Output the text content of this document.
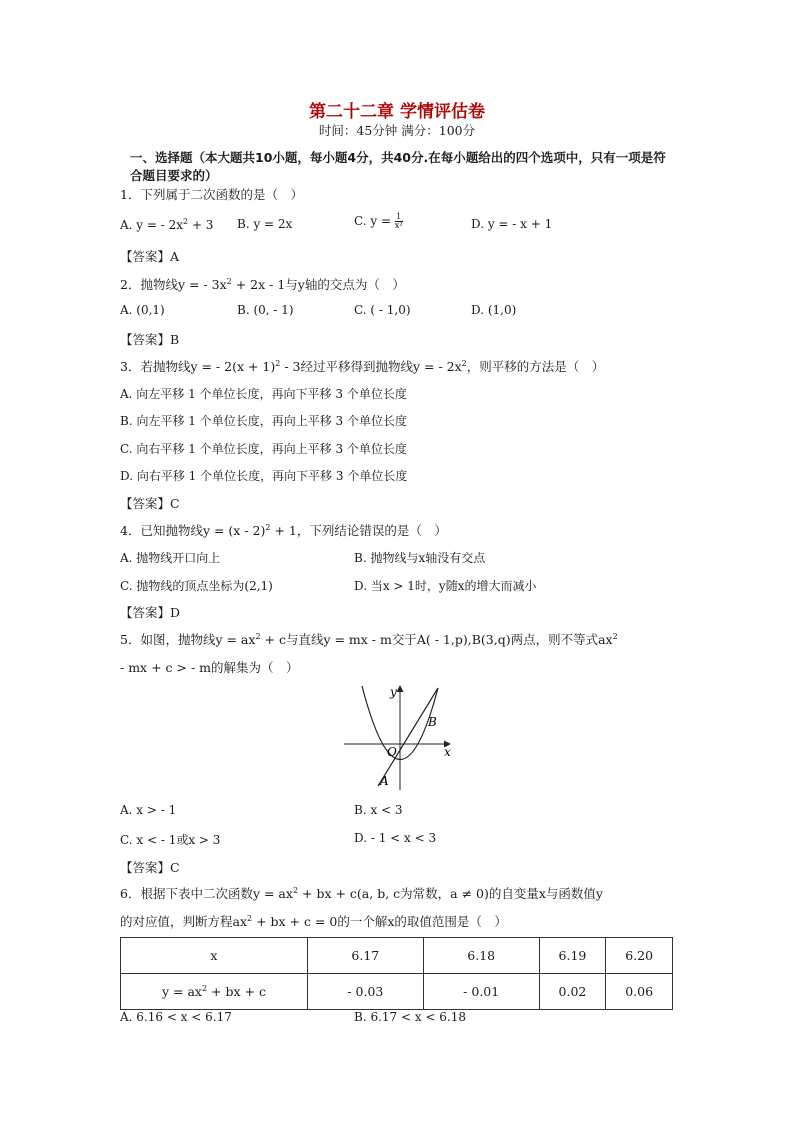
第二十二章 学情评估卷
时间：45分钟 满分：100分
一、选择题（本大题共10小题，每小题4分，共40分.在每小题给出的四个选项中，只有一项是符合题目要求的）
1．下列属于二次函数的是（　）
A. y = - $2x^2 + 3$ B. y = 2x	C. $y = \frac{1}{\text{x²}}$	D. y = - x + 1
【答案】A
2．抛物线y = - $3x^2 + 2x - 1$与y轴的交点为（　）
A. (0,1)	B. (0, - 1)	C. ( - 1,0)	D. (1,0)
【答案】B
3．若抛物线y = - $2(x + 1)^2 - 3$经过平移得到抛物线y = - $2x^2$，则平移的方法是（　）
A. 向左平移 1 个单位长度，再向下平移 3 个单位长度
B. 向左平移 1 个单位长度，再向上平移 3 个单位长度
C. 向右平移 1 个单位长度，再向上平移 3 个单位长度
D. 向右平移 1 个单位长度，再向下平移 3 个单位长度
【答案】C
4．已知抛物线y = (x - 2)$^2$ + 1，下列结论错误的是（　）
A. 抛物线开口向上	B. 抛物线与x轴没有交点
C. 抛物线的顶点坐标为(2,1)	D. 当x > 1时，y随x的增大而减小
【答案】D
5．如图，抛物线$y = ax^2 + c$与直线y = mx - m交于A( - 1,p),B(3,q)两点，则不等式$ax^2$
- mx + c > - m的解集为（　）
y
x
O
A
B
A. x > - 1	B. x < 3
C. x < - 1或x > 3	D. - 1 < x < 3
【答案】C
6．根据下表中二次函数$y = ax^2$ + bx + c(a, b, c为常数，a ≠ 0)的自变量x与函数值y
的对应值，判断方程$ax^2$ + bx + c = 0的一个解x的取值范围是（　）
x	6.17	6.18	6.19	6.20
$y = ax^2$ + bx + c	- 0.03	- 0.01	0.02	0.06
A. 6.16 < x < 6.17	B. 6.17 < x < 6.18
